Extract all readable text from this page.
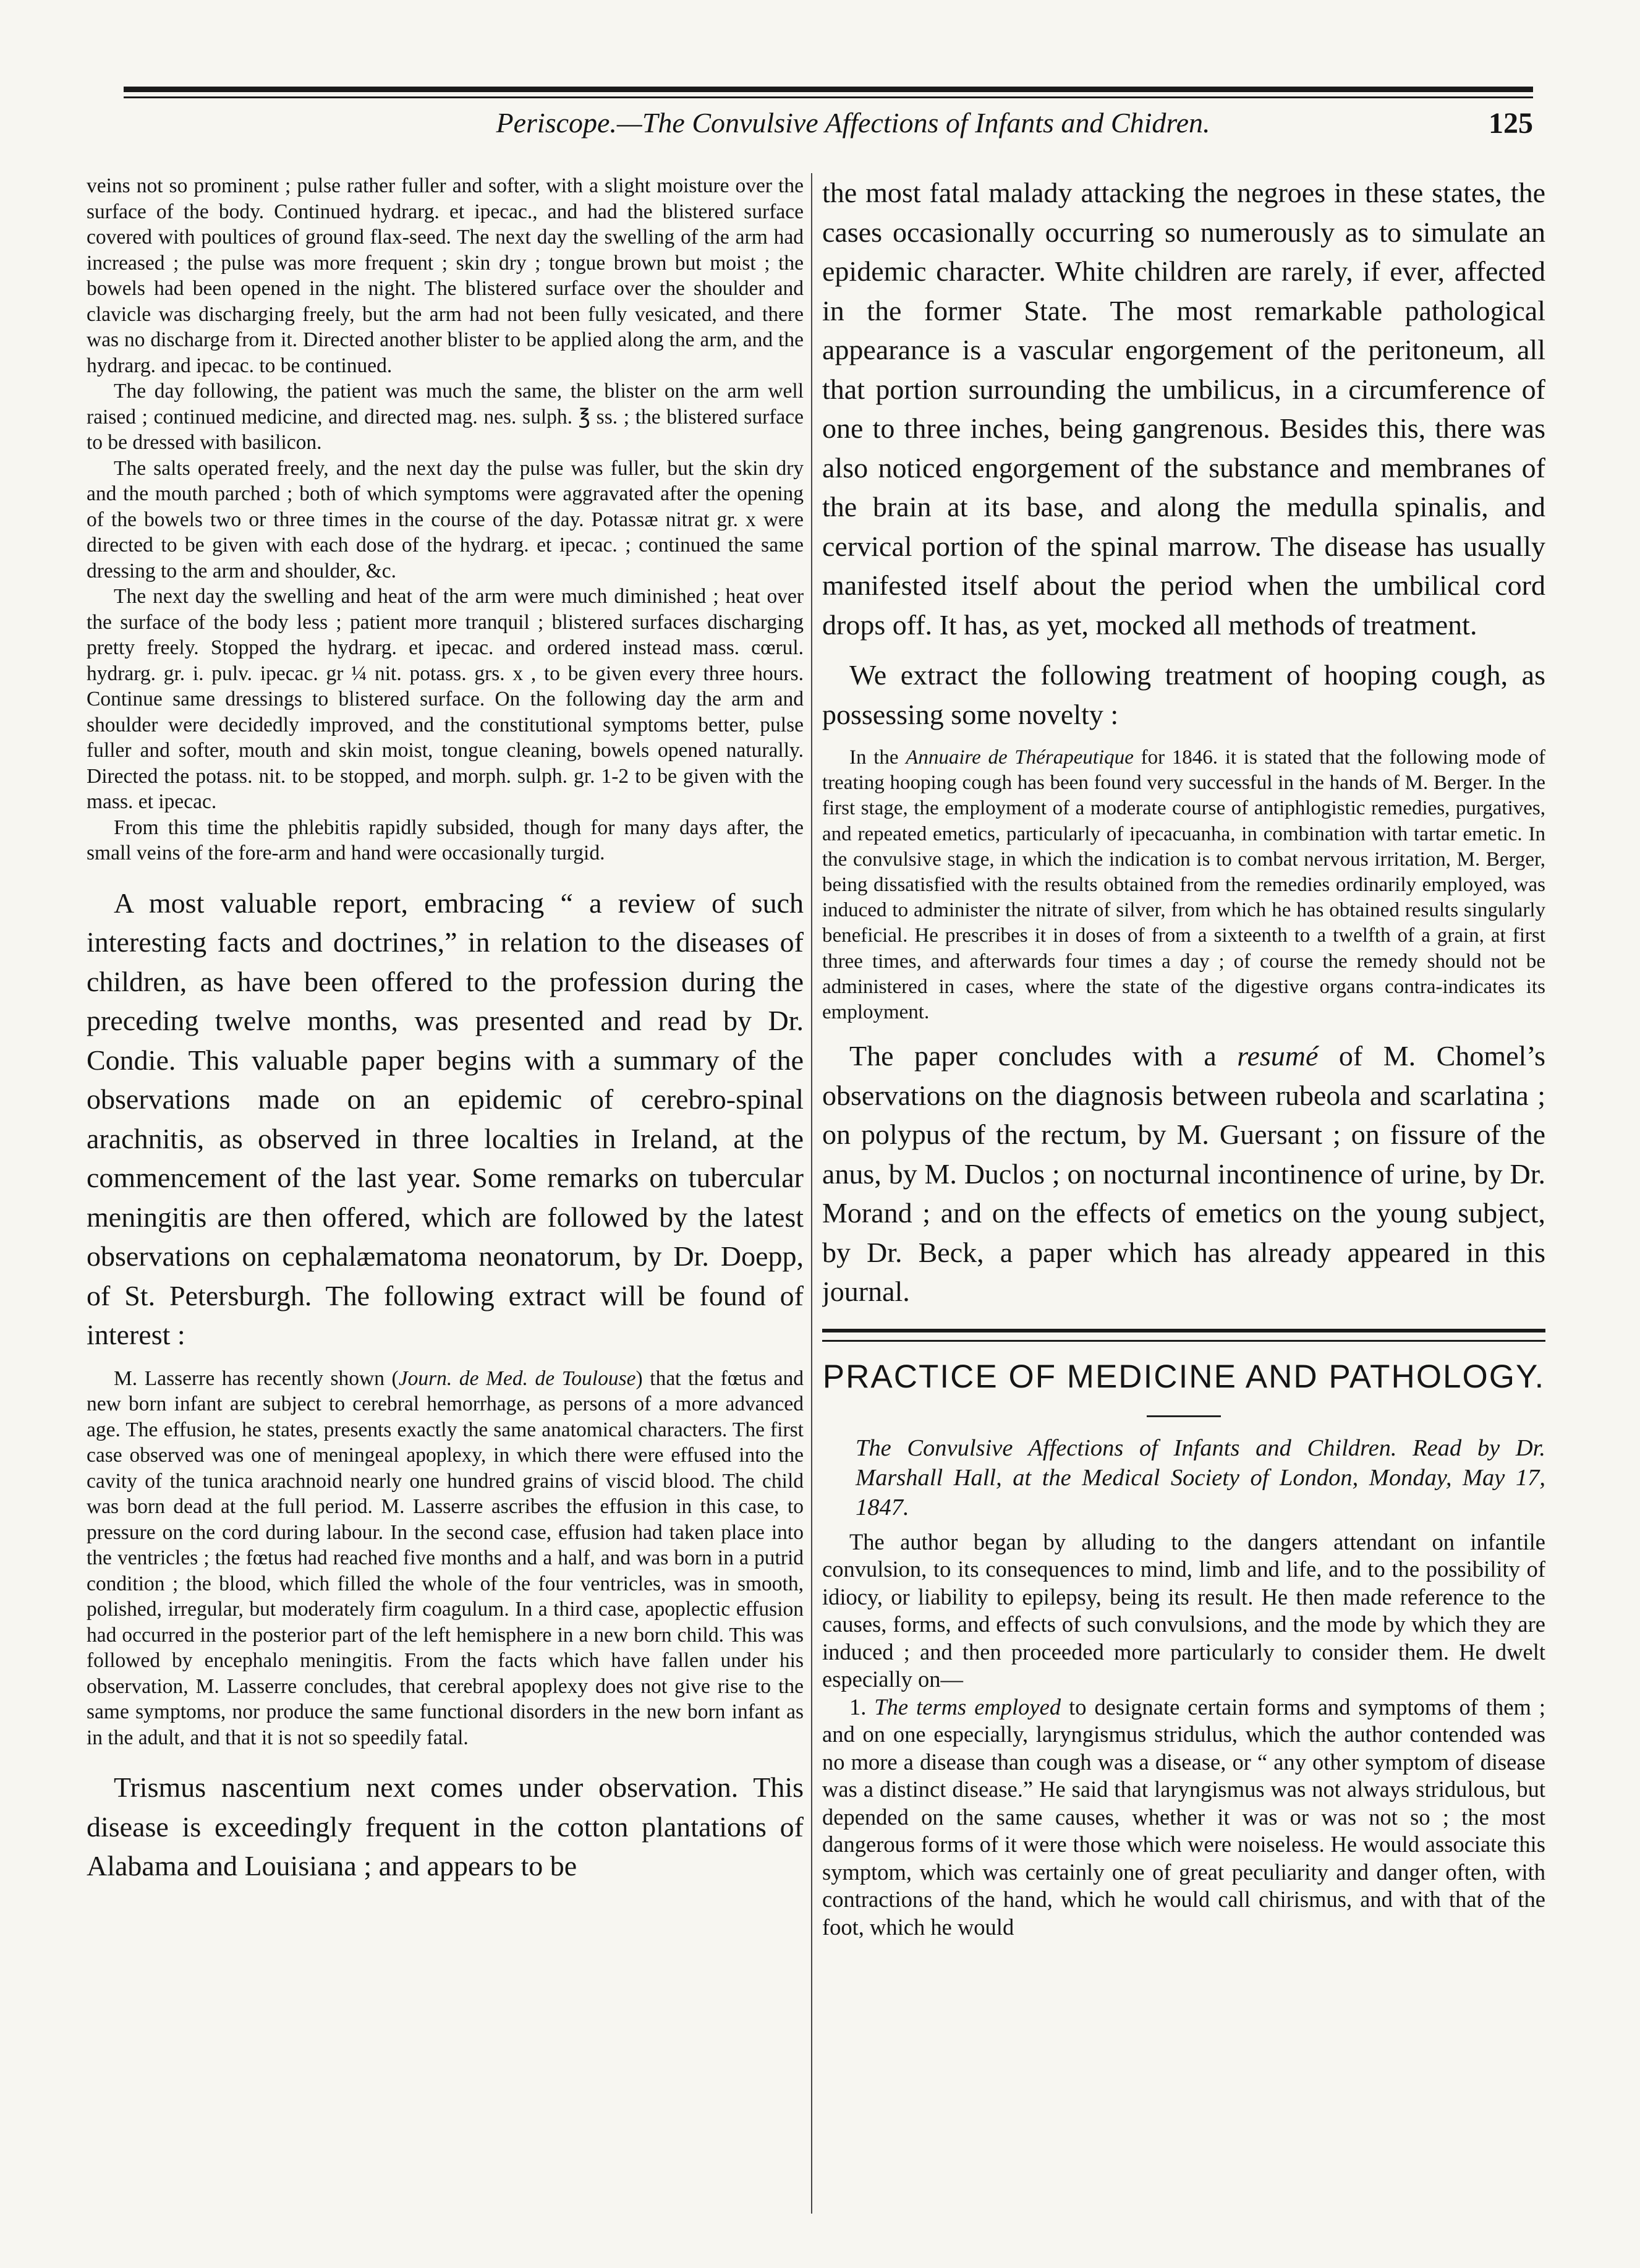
Periscope.—The Convulsive Affections of Infants and Chidren.	125

veins not so prominent ; pulse rather fuller and softer, with a slight moisture over the surface of the body. Continued hydrarg. et ipecac., and had the blistered surface covered with poultices of ground flax-seed. The next day the swelling of the arm had increased ; the pulse was more frequent ; skin dry ; tongue brown but moist ; the bowels had been opened in the night. The blistered surface over the shoulder and clavicle was discharging freely, but the arm had not been fully vesicated, and there was no discharge from it. Directed another blister to be applied along the arm, and the hydrarg. and ipecac. to be continued.

The day following, the patient was much the same, the blister on the arm well raised ; continued medicine, and directed mag. nes. sulph. ℥ ss. ; the blistered surface to be dressed with basilicon.

The salts operated freely, and the next day the pulse was fuller, but the skin dry and the mouth parched ; both of which symptoms were aggravated after the opening of the bowels two or three times in the course of the day. Potassæ nitrat gr. x were directed to be given with each dose of the hydrarg. et ipecac. ; continued the same dressing to the arm and shoulder, &c.

The next day the swelling and heat of the arm were much diminished ; heat over the surface of the body less ; patient more tranquil ; blistered surfaces discharging pretty freely. Stopped the hydrarg. et ipecac. and ordered instead mass. cœrul. hydrarg. gr. i. pulv. ipecac. gr ¼ nit. potass. grs. x , to be given every three hours. Continue same dressings to blistered surface. On the following day the arm and shoulder were decidedly improved, and the constitutional symptoms better, pulse fuller and softer, mouth and skin moist, tongue cleaning, bowels opened naturally. Directed the potass. nit. to be stopped, and morph. sulph. gr. 1-2 to be given with the mass. et ipecac.

From this time the phlebitis rapidly subsided, though for many days after, the small veins of the fore-arm and hand were occasionally turgid.

A most valuable report, embracing “ a review of such interesting facts and doctrines,” in relation to the diseases of children, as have been offered to the profession during the preceding twelve months, was presented and read by Dr. Condie. This valuable paper begins with a summary of the observations made on an epidemic of cerebro-spinal arachnitis, as observed in three localties in Ireland, at the commencement of the last year. Some remarks on tubercular meningitis are then offered, which are followed by the latest observations on cephalæmatoma neonatorum, by Dr. Doepp, of St. Petersburgh. The following extract will be found of interest :

M. Lasserre has recently shown (Journ. de Med. de Toulouse) that the fœtus and new born infant are subject to cerebral hemorrhage, as persons of a more advanced age. The effusion, he states, presents exactly the same anatomical characters. The first case observed was one of meningeal apoplexy, in which there were effused into the cavity of the tunica arachnoid nearly one hundred grains of viscid blood. The child was born dead at the full period. M. Lasserre ascribes the effusion in this case, to pressure on the cord during labour. In the second case, effusion had taken place into the ventricles ; the fœtus had reached five months and a half, and was born in a putrid condition ; the blood, which filled the whole of the four ventricles, was in smooth, polished, irregular, but moderately firm coagulum. In a third case, apoplectic effusion had occurred in the posterior part of the left hemisphere in a new born child. This was followed by encephalo meningitis. From the facts which have fallen under his observation, M. Lasserre concludes, that cerebral apoplexy does not give rise to the same symptoms, nor produce the same functional disorders in the new born infant as in the adult, and that it is not so speedily fatal.

Trismus nascentium next comes under observation. This disease is exceedingly frequent in the cotton plantations of Alabama and Louisiana ; and appears to be

the most fatal malady attacking the negroes in these states, the cases occasionally occurring so numerously as to simulate an epidemic character. White children are rarely, if ever, affected in the former State. The most remarkable pathological appearance is a vascular engorgement of the peritoneum, all that portion surrounding the umbilicus, in a circumference of one to three inches, being gangrenous. Besides this, there was also noticed engorgement of the substance and membranes of the brain at its base, and along the medulla spinalis, and cervical portion of the spinal marrow. The disease has usually manifested itself about the period when the umbilical cord drops off. It has, as yet, mocked all methods of treatment.

We extract the following treatment of hooping cough, as possessing some novelty :

In the Annuaire de Thérapeutique for 1846. it is stated that the following mode of treating hooping cough has been found very successful in the hands of M. Berger. In the first stage, the employment of a moderate course of antiphlogistic remedies, purgatives, and repeated emetics, particularly of ipecacuanha, in combination with tartar emetic. In the convulsive stage, in which the indication is to combat nervous irritation, M. Berger, being dissatisfied with the results obtained from the remedies ordinarily employed, was induced to administer the nitrate of silver, from which he has obtained results singularly beneficial. He prescribes it in doses of from a sixteenth to a twelfth of a grain, at first three times, and afterwards four times a day ; of course the remedy should not be administered in cases, where the state of the digestive organs contra-indicates its employment.

The paper concludes with a resumé of M. Chomel’s observations on the diagnosis between rubeola and scarlatina ; on polypus of the rectum, by M. Guersant ; on fissure of the anus, by M. Duclos ; on nocturnal incontinence of urine, by Dr. Morand ; and on the effects of emetics on the young subject, by Dr. Beck, a paper which has already appeared in this journal.

PRACTICE OF MEDICINE AND PATHOLOGY.

The Convulsive Affections of Infants and Children. Read by Dr. Marshall Hall, at the Medical Society of London, Monday, May 17, 1847.

The author began by alluding to the dangers attendant on infantile convulsion, to its consequences to mind, limb and life, and to the possibility of idiocy, or liability to epilepsy, being its result. He then made reference to the causes, forms, and effects of such convulsions, and the mode by which they are induced ; and then proceeded more particularly to consider them. He dwelt especially on—

1. The terms employed to designate certain forms and symptoms of them ; and on one especially, laryngismus stridulus, which the author contended was no more a disease than cough was a disease, or “ any other symptom of disease was a distinct disease.” He said that laryngismus was not always stridulous, but depended on the same causes, whether it was or was not so ; the most dangerous forms of it were those which were noiseless. He would associate this symptom, which was certainly one of great peculiarity and danger often, with contractions of the hand, which he would call chirismus, and with that of the foot, which he would
